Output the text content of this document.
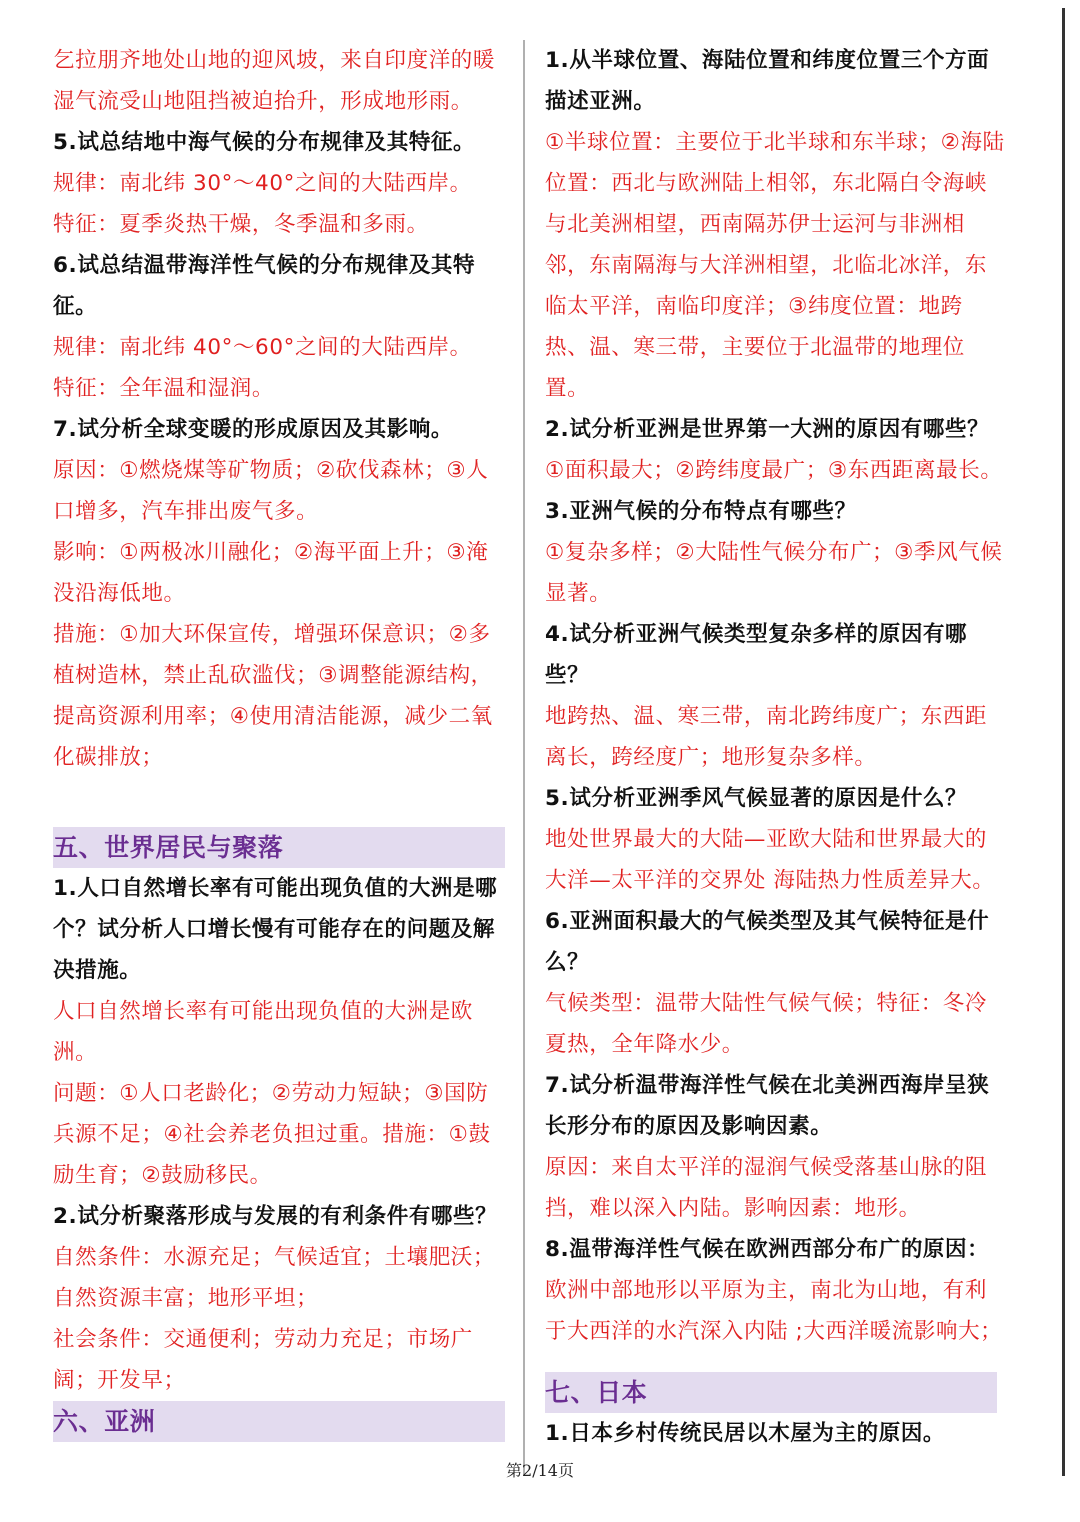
乞拉朋齐地处山地的迎风坡，来自印度洋的暖湿气流受山地阻挡被迫抬升，形成地形雨。

5.试总结地中海气候的分布规律及其特征。

规律：南北纬 30°～40°之间的大陆西岸。

特征：夏季炎热干燥，冬季温和多雨。

6.试总结温带海洋性气候的分布规律及其特征。

规律：南北纬 40°～60°之间的大陆西岸。

特征：全年温和湿润。

7.试分析全球变暖的形成原因及其影响。

原因：①燃烧煤等矿物质；②砍伐森林；③人口增多，汽车排出废气多。

影响：①两极冰川融化；②海平面上升；③淹没沿海低地。

措施：①加大环保宣传，增强环保意识；②多植树造林，禁止乱砍滥伐；③调整能源结构，提高资源利用率；④使用清洁能源，减少二氧化碳排放；

五、世界居民与聚落

1.人口自然增长率有可能出现负值的大洲是哪个？试分析人口增长慢有可能存在的问题及解决措施。

人口自然增长率有可能出现负值的大洲是欧洲。

问题：①人口老龄化；②劳动力短缺；③国防兵源不足；④社会养老负担过重。措施：①鼓励生育；②鼓励移民。

2.试分析聚落形成与发展的有利条件有哪些？

自然条件：水源充足；气候适宜；土壤肥沃；自然资源丰富；地形平坦；

社会条件：交通便利；劳动力充足；市场广阔；开发早；

六、亚洲

1.从半球位置、海陆位置和纬度位置三个方面描述亚洲。

①半球位置：主要位于北半球和东半球；②海陆位置：西北与欧洲陆上相邻，东北隔白令海峡与北美洲相望，西南隔苏伊士运河与非洲相邻，东南隔海与大洋洲相望，北临北冰洋，东临太平洋，南临印度洋；③纬度位置：地跨热、温、寒三带，主要位于北温带的地理位置。

2.试分析亚洲是世界第一大洲的原因有哪些？

①面积最大；②跨纬度最广；③东西距离最长。

3.亚洲气候的分布特点有哪些？

①复杂多样；②大陆性气候分布广；③季风气候显著。

4.试分析亚洲气候类型复杂多样的原因有哪些？

地跨热、温、寒三带，南北跨纬度广；东西距离长，跨经度广；地形复杂多样。

5.试分析亚洲季风气候显著的原因是什么？

地处世界最大的大陆—亚欧大陆和世界最大的大洋—太平洋的交界处 海陆热力性质差异大。

6.亚洲面积最大的气候类型及其气候特征是什么？

气候类型：温带大陆性气候气候；特征：冬冷夏热，全年降水少。

7.试分析温带海洋性气候在北美洲西海岸呈狭长形分布的原因及影响因素。

原因：来自太平洋的湿润气候受落基山脉的阻挡，难以深入内陆。影响因素：地形。

8.温带海洋性气候在欧洲西部分布广的原因：

欧洲中部地形以平原为主，南北为山地，有利于大西洋的水汽深入内陆 ;大西洋暖流影响大；

七、日本

1.日本乡村传统民居以木屋为主的原因。

第2/14页
